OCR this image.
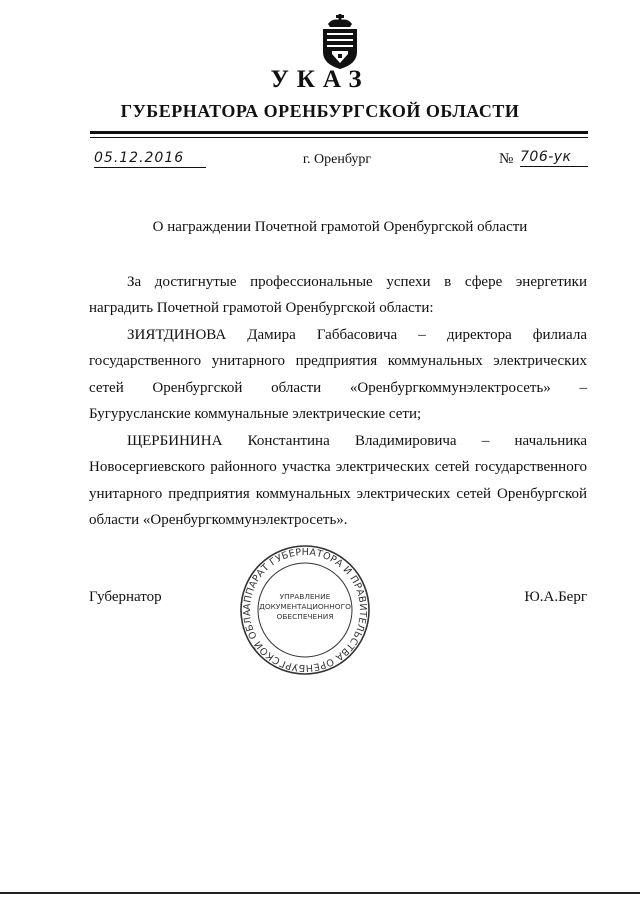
УКАЗ
ГУБЕРНАТОРА ОРЕНБУРГСКОЙ ОБЛАСТИ
05.12.2016	г. Оренбург	№ 706-ук
О награждении Почетной грамотой Оренбургской области
За достигнутые профессиональные успехи в сфере энергетики наградить Почетной грамотой Оренбургской области:
ЗИЯТДИНОВА Дамира Габбасовича – директора филиала государственного унитарного предприятия коммунальных электрических сетей Оренбургской области «Оренбургкоммунэлектросеть» – Бугурусланские коммунальные электрические сети;
ЩЕРБИНИНА Константина Владимировича – начальника Новосергиевского районного участка электрических сетей государственного унитарного предприятия коммунальных электрических сетей Оренбургской области «Оренбургкоммунэлектросеть».
Губернатор	Ю.А.Берг
АППАРАТ ГУБЕРНАТОРА И ПРАВИТЕЛЬСТВА ОРЕНБУРГСКОЙ ОБЛА
УПРАВЛЕНИЕ
ДОКУМЕНТАЦИОННОГО
ОБЕСПЕЧЕНИЯ
